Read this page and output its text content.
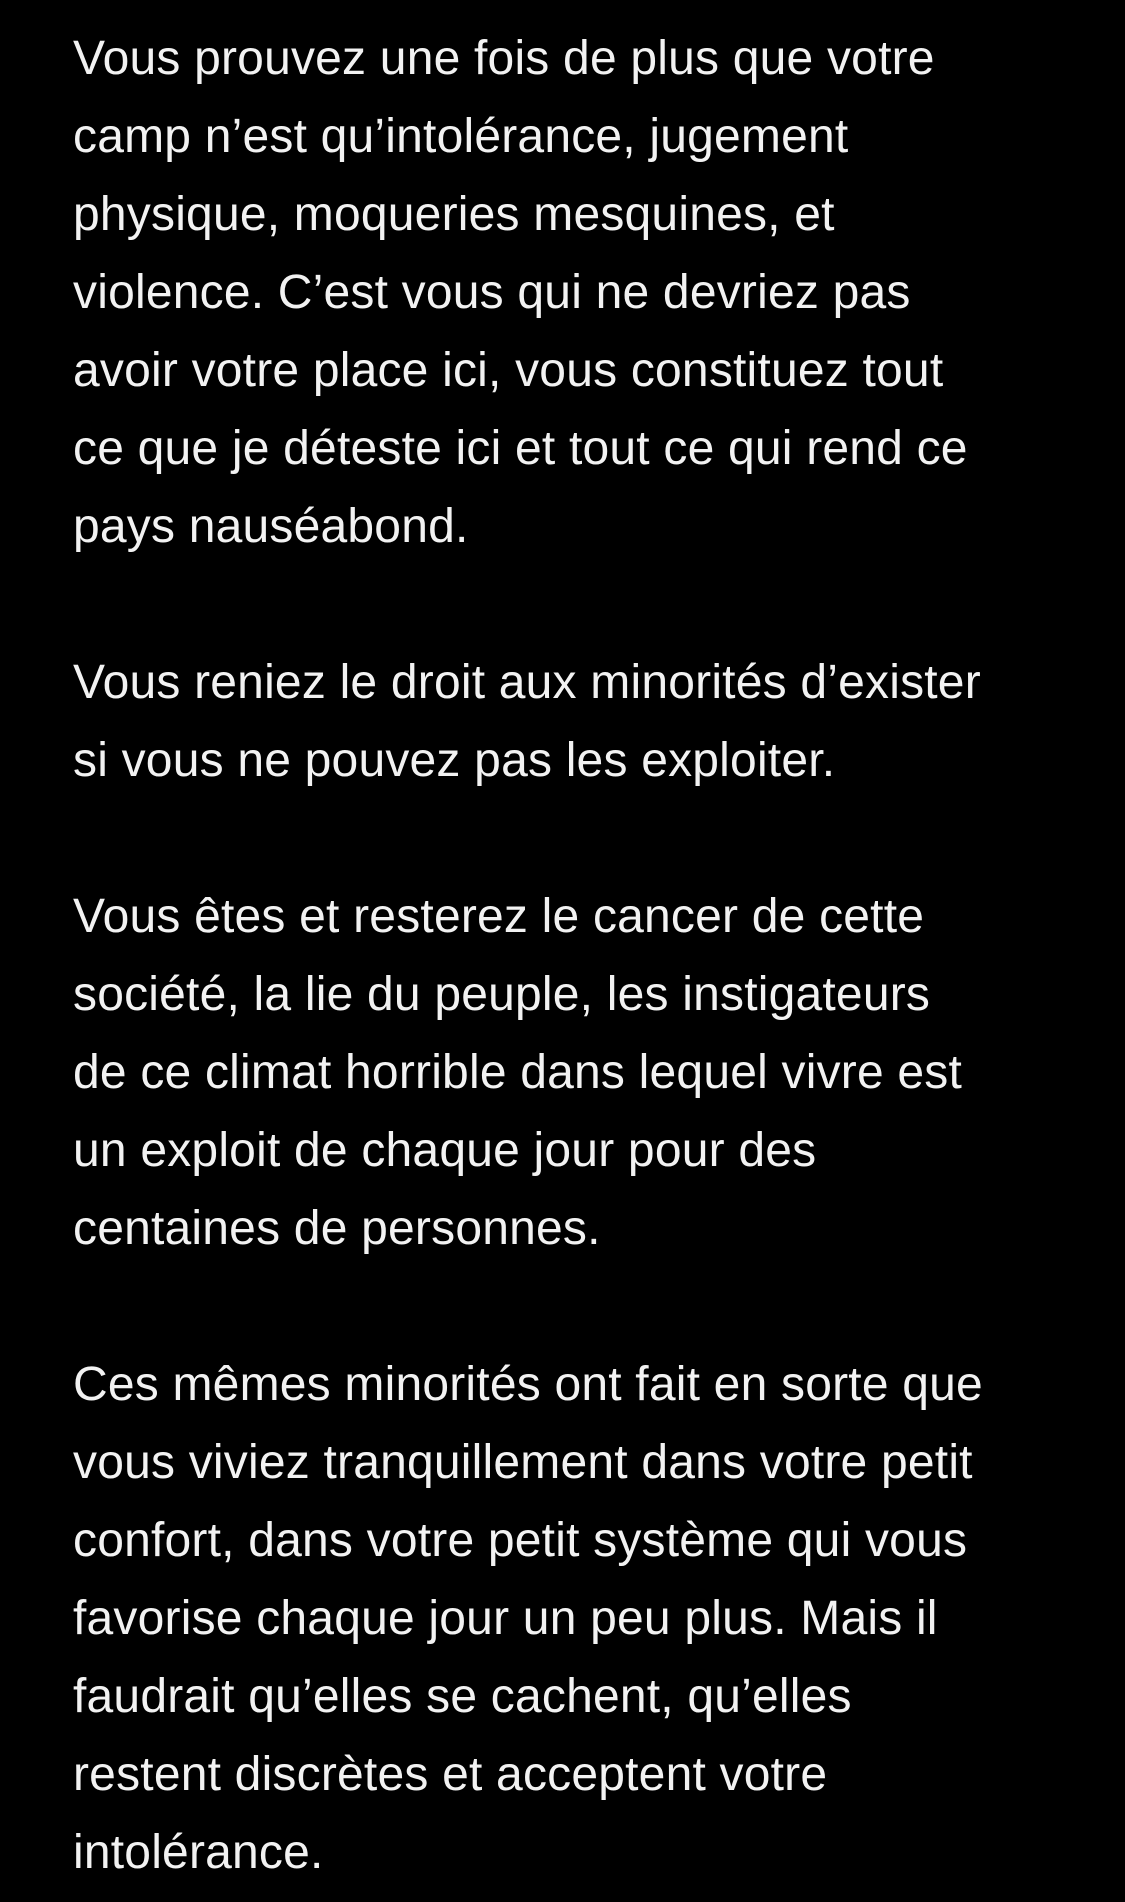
Vous prouvez une fois de plus que votre
camp n’est qu’intolérance, jugement
physique, moqueries mesquines, et
violence. C’est vous qui ne devriez pas
avoir votre place ici, vous constituez tout
ce que je déteste ici et tout ce qui rend ce
pays nauséabond.

Vous reniez le droit aux minorités d’exister
si vous ne pouvez pas les exploiter.

Vous êtes et resterez le cancer de cette
société, la lie du peuple, les instigateurs
de ce climat horrible dans lequel vivre est
un exploit de chaque jour pour des
centaines de personnes.

Ces mêmes minorités ont fait en sorte que
vous viviez tranquillement dans votre petit
confort, dans votre petit système qui vous
favorise chaque jour un peu plus. Mais il
faudrait qu’elles se cachent, qu’elles
restent discrètes et acceptent votre
intolérance.
